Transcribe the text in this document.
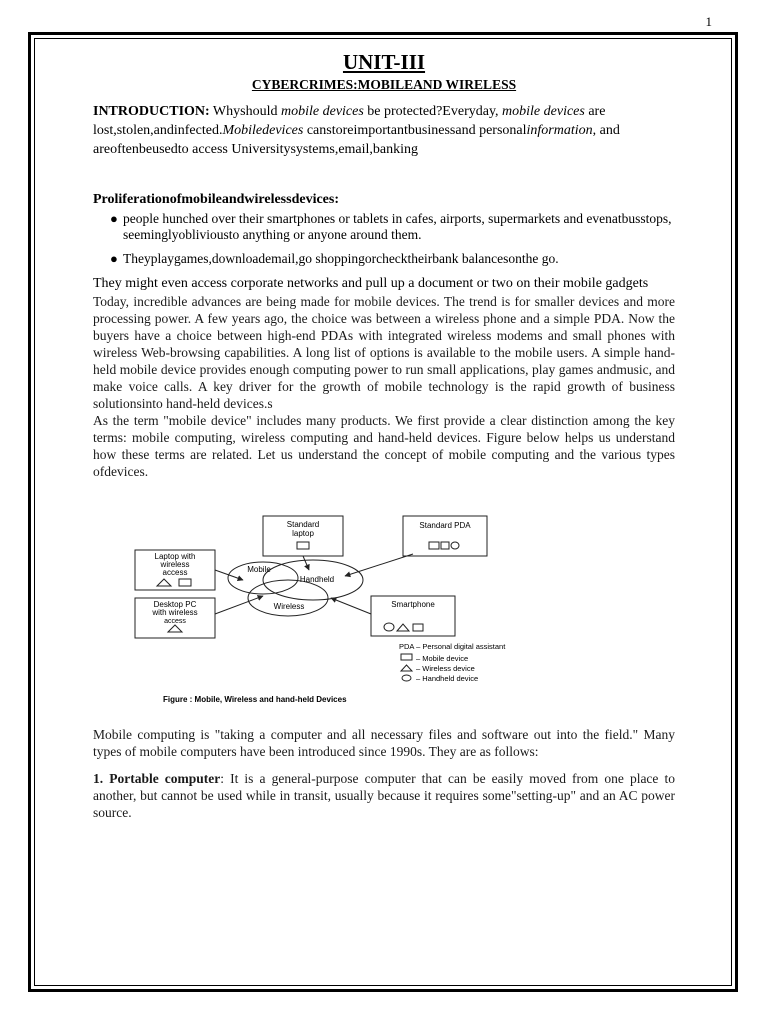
1
UNIT-III
CYBERCRIMES:MOBILEAND WIRELESS

INTRODUCTION: Whyshould mobile devices be protected?Everyday, mobile devices are lost,stolen,andinfected.Mobiledevices canstoreimportantbusinessand personalinformation, and areoftenbeusedto access Universitysystems,email,banking

Proliferationofmobileandwirelessdevices:

● people hunched over their smartphones or tablets in cafes, airports, supermarkets and evenatbusstops, seeminglyobliviousto anything or anyone around them.
● Theyplaygames,downloademail,go shoppingorchecktheirbank balancesonthe go.

They might even access corporate networks and pull up a document or two on their mobile gadgets

Today, incredible advances are being made for mobile devices. The trend is for smaller devices and more processing power. A few years ago, the choice was between a wireless phone and a simple PDA. Now the buyers have a choice between high-end PDAs with integrated wireless modems and small phones with wireless Web-browsing capabilities. A long list of options is available to the mobile users. A simple hand-held mobile device provides enough computing power to run small applications, play games andmusic, and make voice calls. A key driver for the growth of mobile technology is the rapid growth of business solutionsinto hand-held devices.s

As the term "mobile device" includes many products. We first provide a clear distinction among the key terms: mobile computing, wireless computing and hand-held devices. Figure below helps us understand how these terms are related. Let us understand the concept of mobile computing and the various types ofdevices.

Standard
laptop
Standard PDA
Laptop with
wireless
access
Desktop PC
with wireless
access
Smartphone
Mobile
Handheld
Wireless
PDA – Personal digital assistant
– Mobile device
– Wireless device
– Handheld device
Figure : Mobile, Wireless and hand-held Devices

Mobile computing is "taking a computer and all necessary files and software out into the field." Many types of mobile computers have been introduced since 1990s. They are as follows:

1. Portable computer: It is a general-purpose computer that can be easily moved from one place to another, but cannot be used while in transit, usually because it requires some"setting-up" and an AC power source.
